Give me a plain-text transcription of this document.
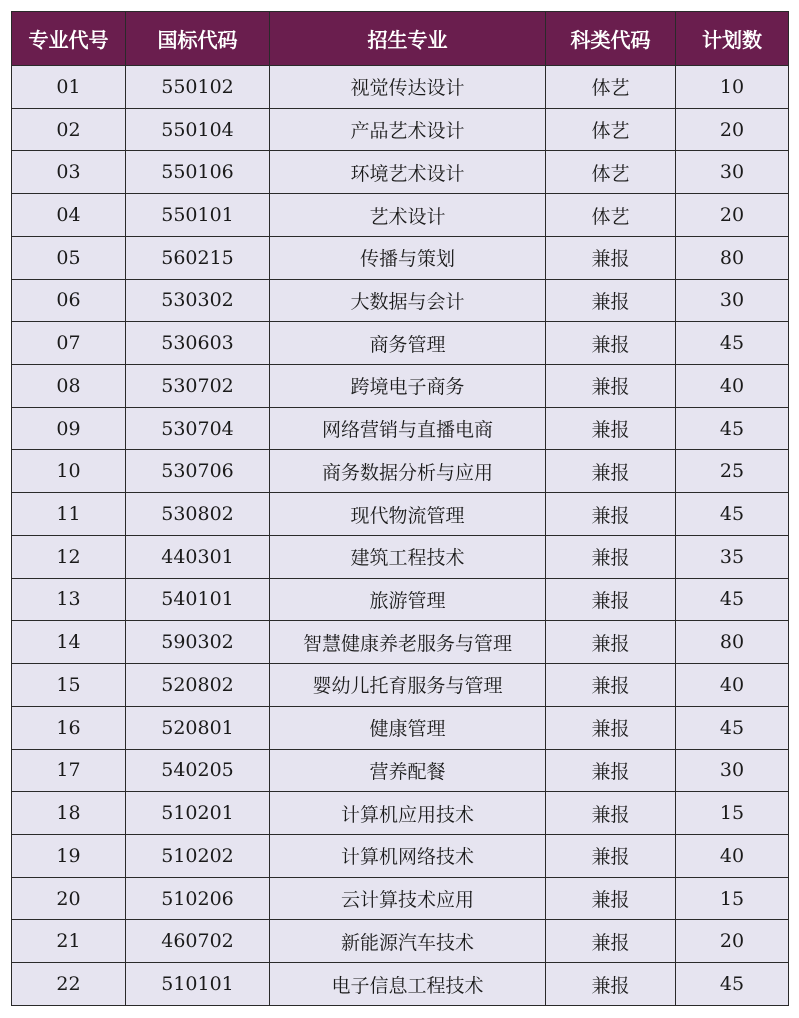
专业代号	国标代码	招生专业	科类代码	计划数
01	550102	视觉传达设计	体艺	10
02	550104	产品艺术设计	体艺	20
03	550106	环境艺术设计	体艺	30
04	550101	艺术设计	体艺	20
05	560215	传播与策划	兼报	80
06	530302	大数据与会计	兼报	30
07	530603	商务管理	兼报	45
08	530702	跨境电子商务	兼报	40
09	530704	网络营销与直播电商	兼报	45
10	530706	商务数据分析与应用	兼报	25
11	530802	现代物流管理	兼报	45
12	440301	建筑工程技术	兼报	35
13	540101	旅游管理	兼报	45
14	590302	智慧健康养老服务与管理	兼报	80
15	520802	婴幼儿托育服务与管理	兼报	40
16	520801	健康管理	兼报	45
17	540205	营养配餐	兼报	30
18	510201	计算机应用技术	兼报	15
19	510202	计算机网络技术	兼报	40
20	510206	云计算技术应用	兼报	15
21	460702	新能源汽车技术	兼报	20
22	510101	电子信息工程技术	兼报	45
